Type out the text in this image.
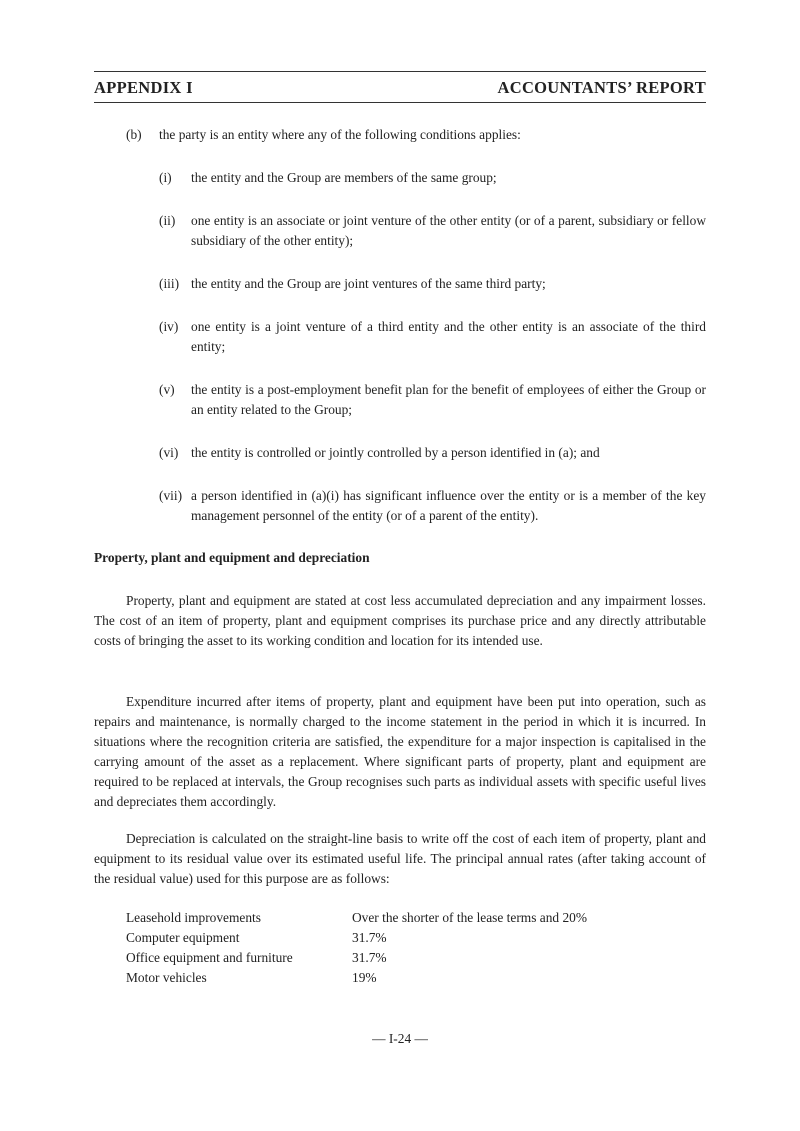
APPENDIX I	ACCOUNTANTS’ REPORT
(b) the party is an entity where any of the following conditions applies:
(i) the entity and the Group are members of the same group;
(ii) one entity is an associate or joint venture of the other entity (or of a parent, subsidiary or fellow subsidiary of the other entity);
(iii) the entity and the Group are joint ventures of the same third party;
(iv) one entity is a joint venture of a third entity and the other entity is an associate of the third entity;
(v) the entity is a post-employment benefit plan for the benefit of employees of either the Group or an entity related to the Group;
(vi) the entity is controlled or jointly controlled by a person identified in (a); and
(vii) a person identified in (a)(i) has significant influence over the entity or is a member of the key management personnel of the entity (or of a parent of the entity).
Property, plant and equipment and depreciation
Property, plant and equipment are stated at cost less accumulated depreciation and any impairment losses. The cost of an item of property, plant and equipment comprises its purchase price and any directly attributable costs of bringing the asset to its working condition and location for its intended use.
Expenditure incurred after items of property, plant and equipment have been put into operation, such as repairs and maintenance, is normally charged to the income statement in the period in which it is incurred. In situations where the recognition criteria are satisfied, the expenditure for a major inspection is capitalised in the carrying amount of the asset as a replacement. Where significant parts of property, plant and equipment are required to be replaced at intervals, the Group recognises such parts as individual assets with specific useful lives and depreciates them accordingly.
Depreciation is calculated on the straight-line basis to write off the cost of each item of property, plant and equipment to its residual value over its estimated useful life. The principal annual rates (after taking account of the residual value) used for this purpose are as follows:
Leasehold improvements	Over the shorter of the lease terms and 20%
Computer equipment	31.7%
Office equipment and furniture	31.7%
Motor vehicles	19%
— I-24 —
